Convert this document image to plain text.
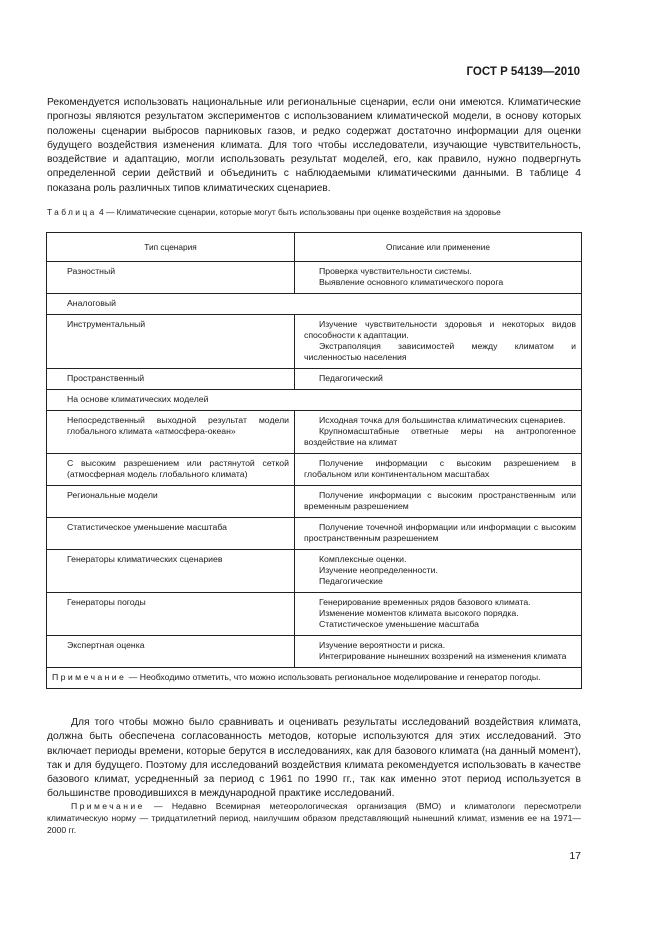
ГОСТ Р 54139—2010

Рекомендуется использовать национальные или региональные сценарии, если они имеются. Климатические прогнозы являются результатом экспериментов с использованием климатической модели, в основу которых положены сценарии выбросов парниковых газов, и редко содержат достаточно информации для оценки будущего воздействия изменения климата. Для того чтобы исследователи, изучающие чувствительность, воздействие и адаптацию, могли использовать результат моделей, его, как правило, нужно подвергнуть определенной серии действий и объединить с наблюдаемыми климатическими данными. В таблице 4 показана роль различных типов климатических сценариев.

Таблица 4 — Климатические сценарии, которые могут быть использованы при оценке воздействия на здоровье
Тип сценария	Описание или применение
Разностный	Проверка чувствительности системы.
Выявление основного климатического порога

Аналоговый	
Инструментальный	Изучение чувствительности здоровья и некоторых видов способности к адаптации.
Экстраполяция зависимостей между климатом и численностью населения

Пространственный	Педагогический

На основе климатических моделей	
Непосредственный выходной результат модели глобального климата «атмосфера-океан»	Исходная точка для большинства климатических сценариев.
Крупномасштабные ответные меры на антропогенное воздействие на климат

С высоким разрешением или растянутой сеткой (атмосферная модель глобального климата)	Получение информации с высоким разрешением в глобальном или континентальном масштабах

Региональные модели	Получение информации с высоким пространственным или временным разрешением

Статистическое уменьшение масштаба	Получение точечной информации или информации с высоким пространственным разрешением

Генераторы климатических сценариев	Комплексные оценки.
Изучение неопределенности.
Педагогические

Генераторы погоды	Генерирование временных рядов базового климата.
Изменение моментов климата высокого порядка.
Статистическое уменьшение масштаба

Экспертная оценка	Изучение вероятности и риска.
Интегрирование нынешних воззрений на изменения климата

Примечание — Необходимо отметить, что можно использовать региональное моделирование и генератор погоды.	

Для того чтобы можно было сравнивать и оценивать результаты исследований воздействия климата, должна быть обеспечена согласованность методов, которые используются для этих исследований. Это включает периоды времени, которые берутся в исследованиях, как для базового климата (на данный момент), так и для будущего. Поэтому для исследований воздействия климата рекомендуется использовать в качестве базового климат, усредненный за период с 1961 по 1990 гг., так как именно этот период используется в большинстве проводившихся в международной практике исследований.

Примечание — Недавно Всемирная метеорологическая организация (ВМО) и климатологи пересмотрели климатическую норму — тридцатилетний период, наилучшим образом представляющий нынешний климат, изменив ее на 1971—2000 гг.

17
